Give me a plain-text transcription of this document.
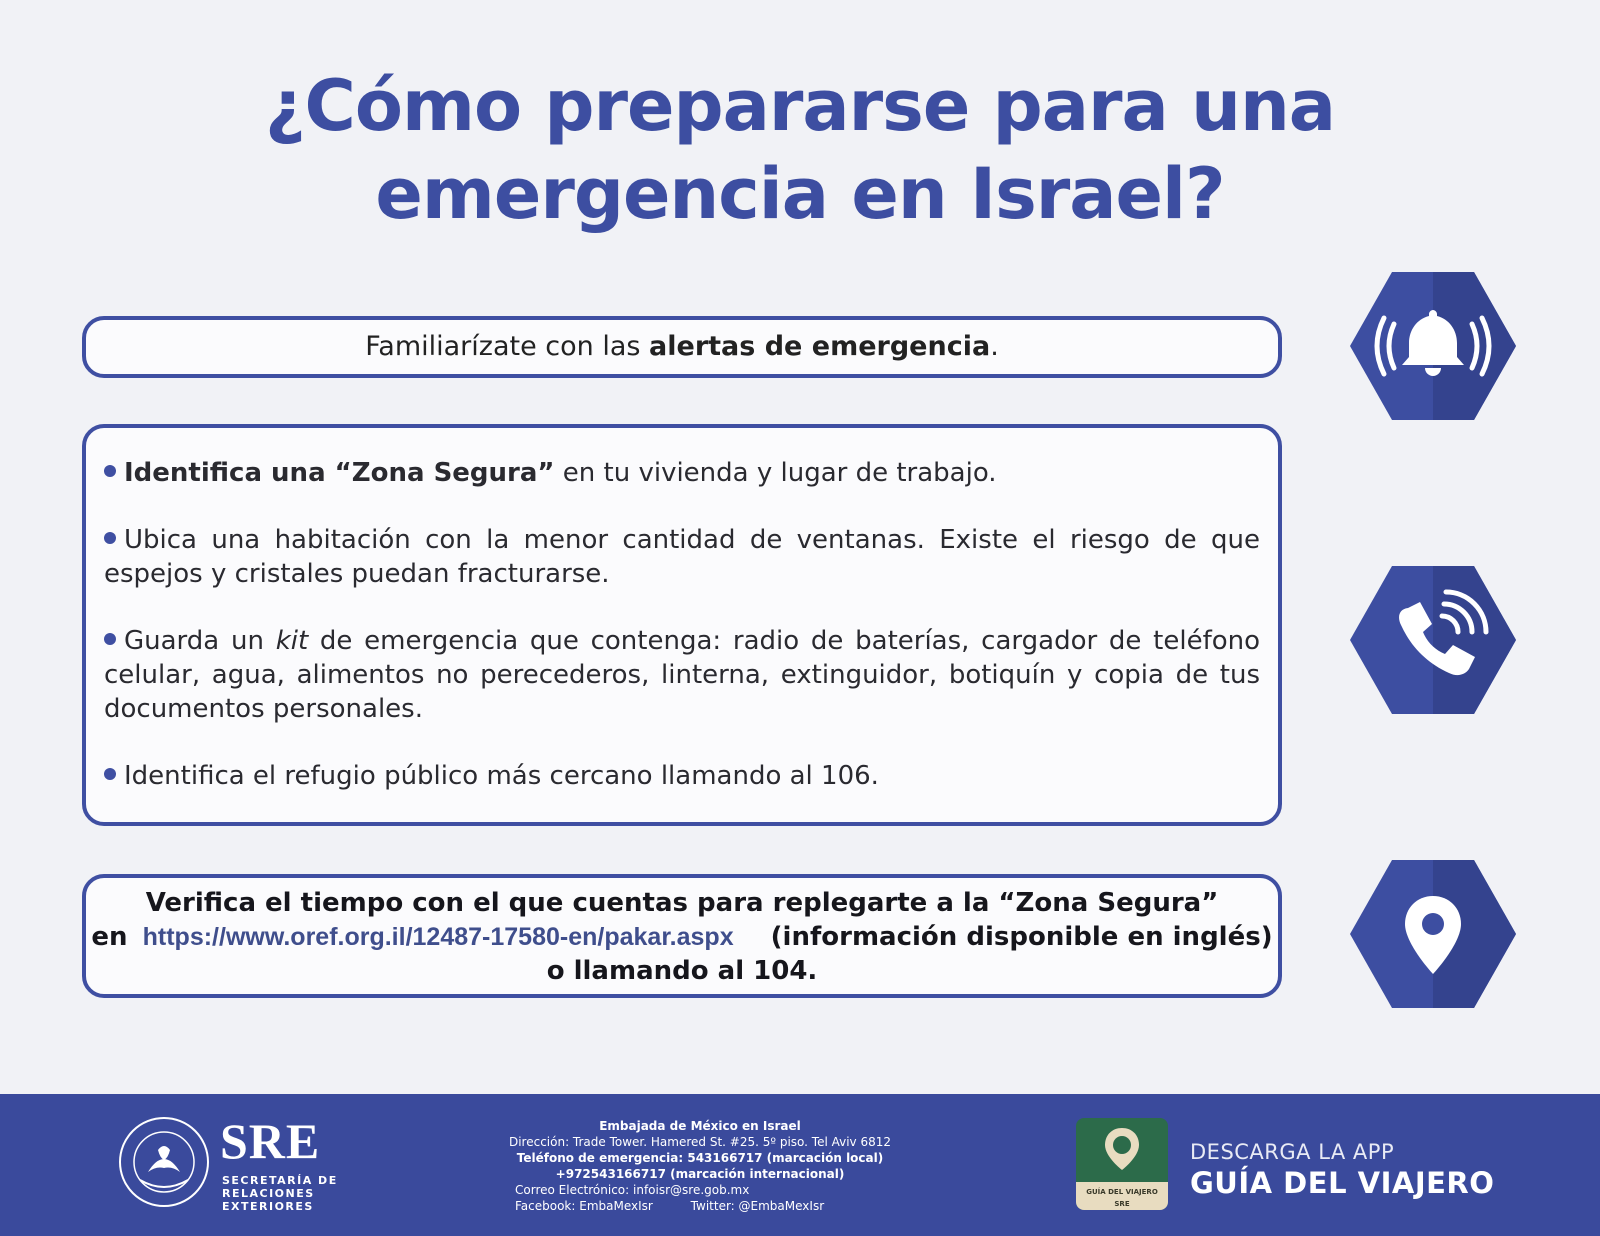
¿Cómo prepararse para una
emergencia en Israel?
Familiarízate con las alertas de emergencia.

Identifica una “Zona Segura” en tu vivienda y lugar de trabajo.

Ubica una habitación con la menor cantidad de ventanas. Existe el riesgo de que espejos y cristales puedan fracturarse.

Guarda un kit de emergencia que contenga: radio de baterías, cargador de teléfono celular, agua, alimentos no perecederos, linterna, extinguidor, botiquín y copia de tus documentos personales.

Identifica el refugio público más cercano llamando al 106.

Verifica el tiempo con el que cuentas para replegarte a la “Zona Segura”
en https://www.oref.org.il/12487-17580-en/pakar.aspx (información disponible en inglés)
o llamando al 104.
SRE
SECRETARÍA DE
RELACIONES
EXTERIORES
Embajada de México en Israel
Dirección: Trade Tower. Hamered St. #25. 5º piso. Tel Aviv 6812
Teléfono de emergencia: 543166717 (marcación local)
+972543166717 (marcación internacional)
Correo Electrónico: infoisr@sre.gob.mx
Facebook: EmbaMexIsr	Twitter: @EmbaMexIsr
GUÍA DEL VIAJERO
SRE
DESCARGA LA APP
GUÍA DEL VIAJERO
